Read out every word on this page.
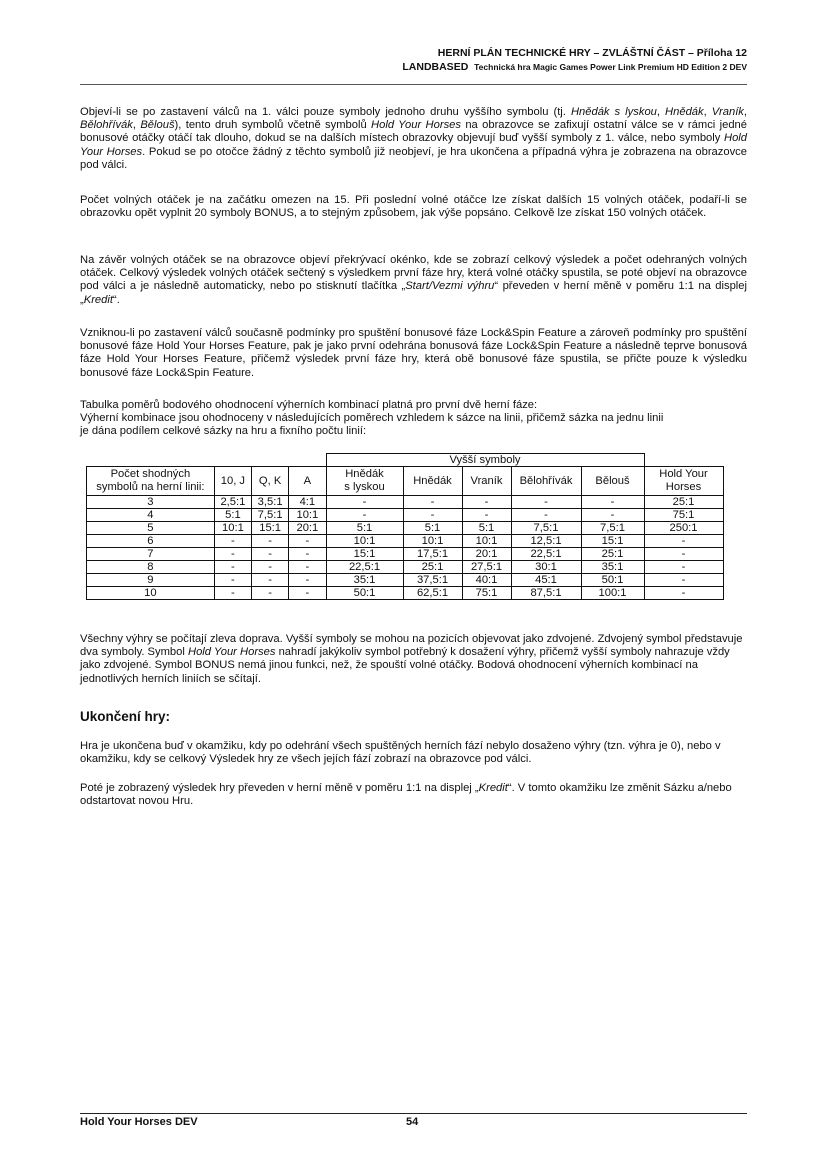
HERNÍ PLÁN TECHNICKÉ HRY – ZVLÁŠTNÍ ČÁST – Příloha 12
LANDBASED Technická hra Magic Games Power Link Premium HD Edition 2 DEV
Objeví-li se po zastavení válců na 1. válci pouze symboly jednoho druhu vyššího symbolu (tj. Hnědák s lyskou, Hnědák, Vraník, Bělohřívák, Bělouš), tento druh symbolů včetně symbolů Hold Your Horses na obrazovce se zafixují ostatní válce se v rámci jedné bonusové otáčky otáčí tak dlouho, dokud se na dalších místech obrazovky objevují buď vyšší symboly z 1. válce, nebo symboly Hold Your Horses. Pokud se po otočce žádný z těchto symbolů již neobjeví, je hra ukončena a případná výhra je zobrazena na obrazovce pod válci.
Počet volných otáček je na začátku omezen na 15. Při poslední volné otáčce lze získat dalších 15 volných otáček, podaří-li se obrazovku opět vyplnit 20 symboly BONUS, a to stejným způsobem, jak výše popsáno. Celkově lze získat 150 volných otáček.
Na závěr volných otáček se na obrazovce objeví překrývací okénko, kde se zobrazí celkový výsledek a počet odehraných volných otáček. Celkový výsledek volných otáček sečtený s výsledkem první fáze hry, která volné otáčky spustila, se poté objeví na obrazovce pod válci a je následně automaticky, nebo po stisknutí tlačítka „Start/Vezmi výhru“ převeden v herní měně v poměru 1:1 na displej „Kredit“.
Vzniknou-li po zastavení válců současně podmínky pro spuštění bonusové fáze Lock&Spin Feature a zároveň podmínky pro spuštění bonusové fáze Hold Your Horses Feature, pak je jako první odehrána bonusová fáze Lock&Spin Feature a následně teprve bonusová fáze Hold Your Horses Feature, přičemž výsledek první fáze hry, která obě bonusové fáze spustila, se přičte pouze k výsledku bonusové fáze Lock&Spin Feature.
Tabulka poměrů bodového ohodnocení výherních kombinací platná pro první dvě herní fáze:
Výherní kombinace jsou ohodnoceny v následujících poměrech vzhledem k sázce na linii, přičemž sázka na jednu linii
je dána podílem celkové sázky na hru a fixního počtu linií:
				Vyšší symboly					

Počet shodných
symbolů na herní linii:
	10, J	Q, K	A	
Hnědák
s lyskou
	Hnědák	Vraník	Bělohřívák	Bělouš	
Hold Your
Horses

3	2,5:1	3,5:1	4:1	-	-	-	-	-	25:1
4	5:1	7,5:1	10:1	-	-	-	-	-	75:1
5	10:1	15:1	20:1	5:1	5:1	5:1	7,5:1	7,5:1	250:1
6	-	-	-	10:1	10:1	10:1	12,5:1	15:1	-
7	-	-	-	15:1	17,5:1	20:1	22,5:1	25:1	-
8	-	-	-	22,5:1	25:1	27,5:1	30:1	35:1	-
9	-	-	-	35:1	37,5:1	40:1	45:1	50:1	-
10	-	-	-	50:1	62,5:1	75:1	87,5:1	100:1	-
Všechny výhry se počítají zleva doprava. Vyšší symboly se mohou na pozicích objevovat jako zdvojené. Zdvojený symbol představuje dva symboly. Symbol Hold Your Horses nahradí jakýkoliv symbol potřebný k dosažení výhry, přičemž vyšší symboly nahrazuje vždy jako zdvojené. Symbol BONUS nemá jinou funkci, než, že spouští volné otáčky. Bodová ohodnocení výherních kombinací na jednotlivých herních liniích se sčítají.
Ukončení hry:
Hra je ukončena buď v okamžiku, kdy po odehrání všech spuštěných herních fází nebylo dosaženo výhry (tzn. výhra je 0), nebo v okamžiku, kdy se celkový Výsledek hry ze všech jejích fází zobrazí na obrazovce pod válci.
Poté je zobrazený výsledek hry převeden v herní měně v poměru 1:1 na displej „Kredit“. V tomto okamžiku lze změnit Sázku a/nebo odstartovat novou Hru.
Hold Your Horses DEV	54
